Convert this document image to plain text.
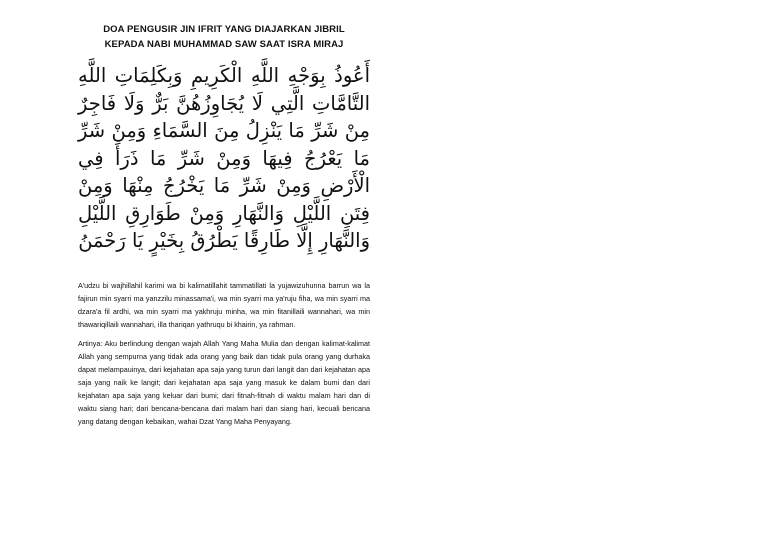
DOA PENGUSIR JIN IFRIT YANG DIAJARKAN JIBRIL

KEPADA NABI MUHAMMAD SAW SAAT ISRA MIRAJ

أَعُوذُ بِوَجْهِ اللَّهِ الْكَرِيمِ وَبِكَلِمَاتِ اللَّهِ التَّامَّاتِ الَّتِي لَا يُجَاوِزُهُنَّ بَرٌّ وَلَا فَاجِرٌ مِنْ شَرِّ مَا يَنْزِلُ مِنَ السَّمَاءِ وَمِنْ شَرِّ مَا يَعْرُجُ فِيهَا وَمِنْ شَرِّ مَا ذَرَأَ فِي الْأَرْضِ وَمِنْ شَرِّ مَا يَخْرُجُ مِنْهَا وَمِنْ فِتَنِ اللَّيْلِ وَالنَّهَارِ وَمِنْ طَوَارِقِ اللَّيْلِ وَالنَّهَارِ إِلَّا طَارِقًا يَطْرُقُ بِخَيْرٍ يَا رَحْمَنُ

A'udzu bi wajhillahil karimi wa bi kalimatillahit tammatillati la yujawizuhunna barrun wa la fajirun min syarri ma yanzzilu minassama'i, wa min syarri ma ya'ruju fiha, wa min syarri ma dzara'a fil ardhi, wa min syarri ma yakhruju minha, wa min fitanillaili wannahari, wa min thawariqillaili wannahari, illa thariqan yathruqu bi khairin, ya rahman.

Artinya: Aku berlindung dengan wajah Allah Yang Maha Mulia dan dengan kalimat-kalimat Allah yang sempurna yang tidak ada orang yang baik dan tidak pula orang yang durhaka dapat melampauinya, dari kejahatan apa saja yang turun dari langit dan dari kejahatan apa saja yang naik ke langit; dari kejahatan apa saja yang masuk ke dalam bumi dan dari kejahatan apa saja yang keluar dari bumi; dari fitnah-fitnah di waktu malam hari dan di waktu siang hari; dari bencana-bencana dari malam hari dan siang hari, kecuali bencana yang datang dengan kebaikan, wahai Dzat Yang Maha Penyayang.
